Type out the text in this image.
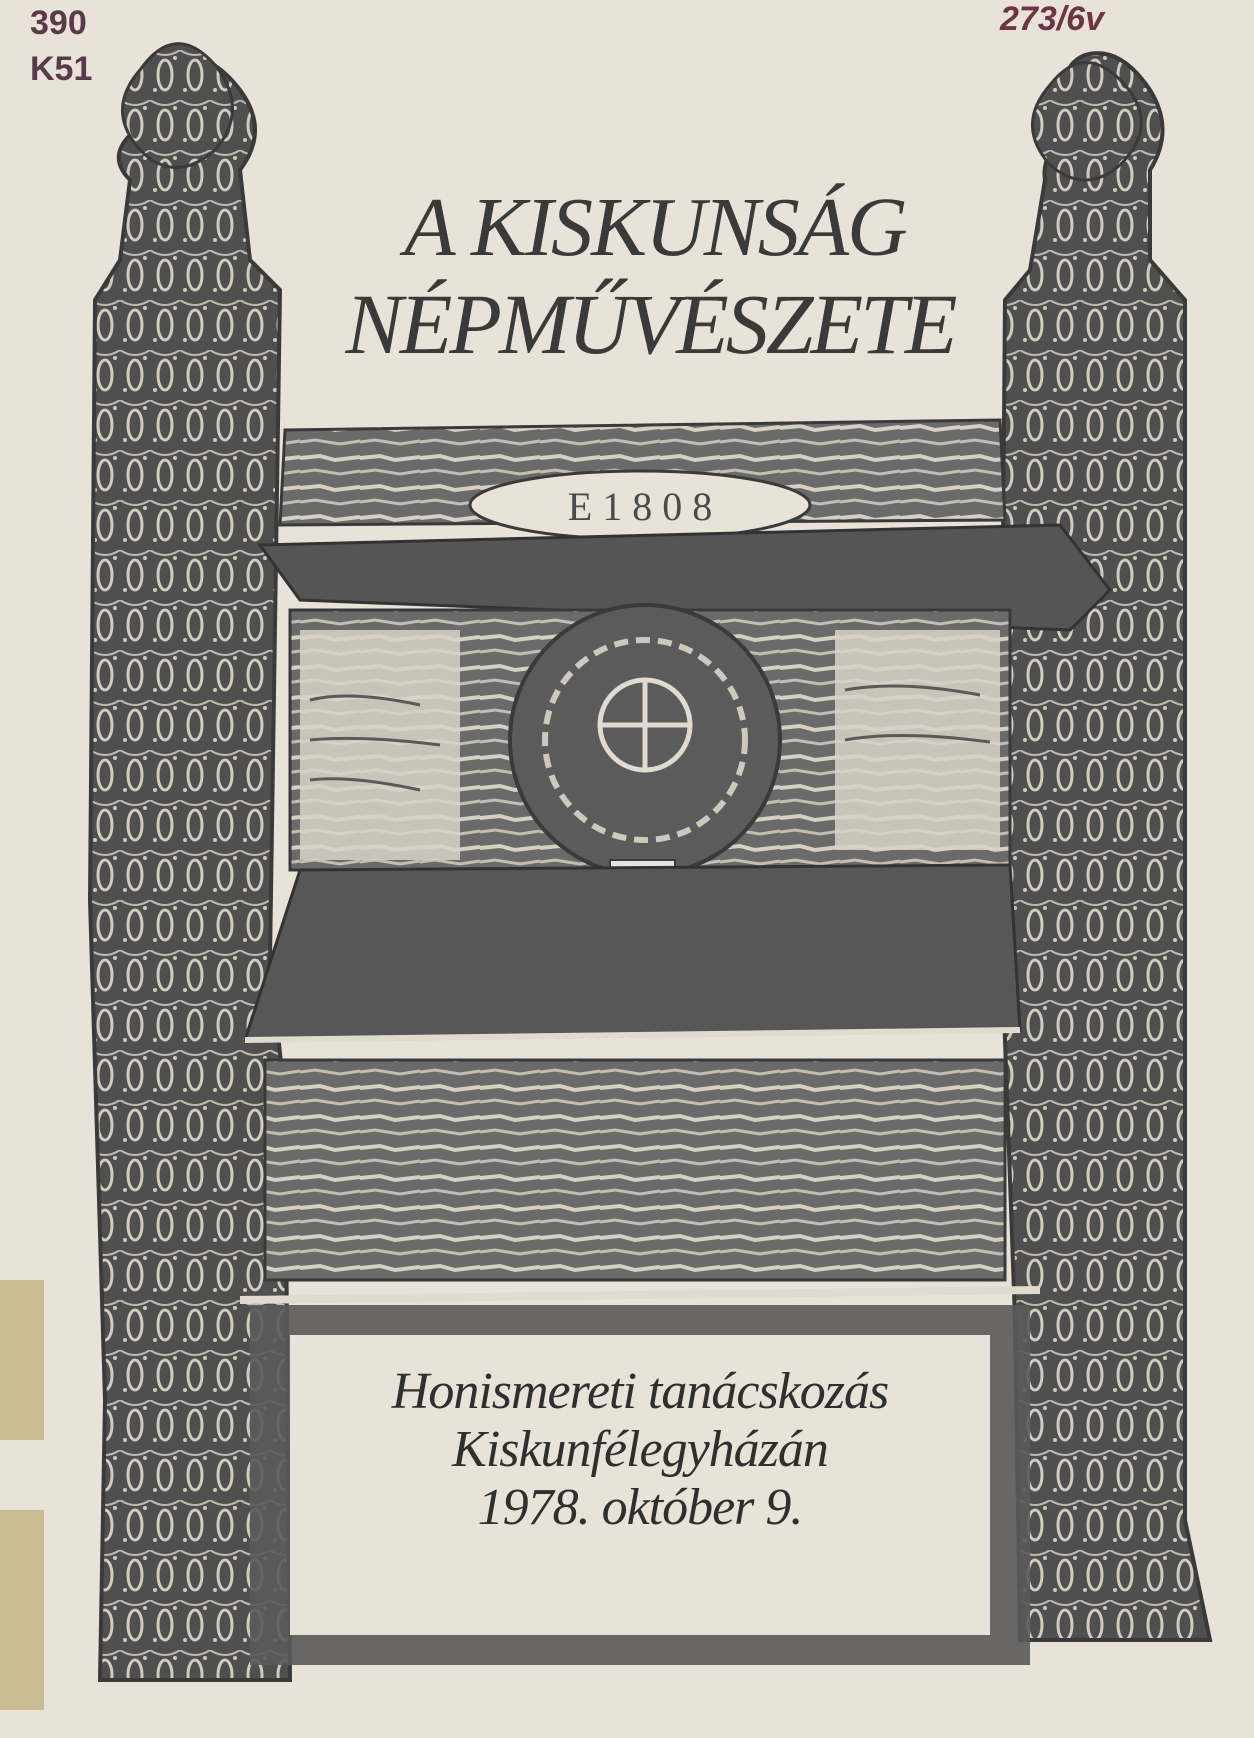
E 1 8 0 8
A KISKUNSÁG
NÉPMŰVÉSZETE
Honismereti tanácskozás
Kiskunfélegyházán
1978. október 9.
390
K51
273/6v
